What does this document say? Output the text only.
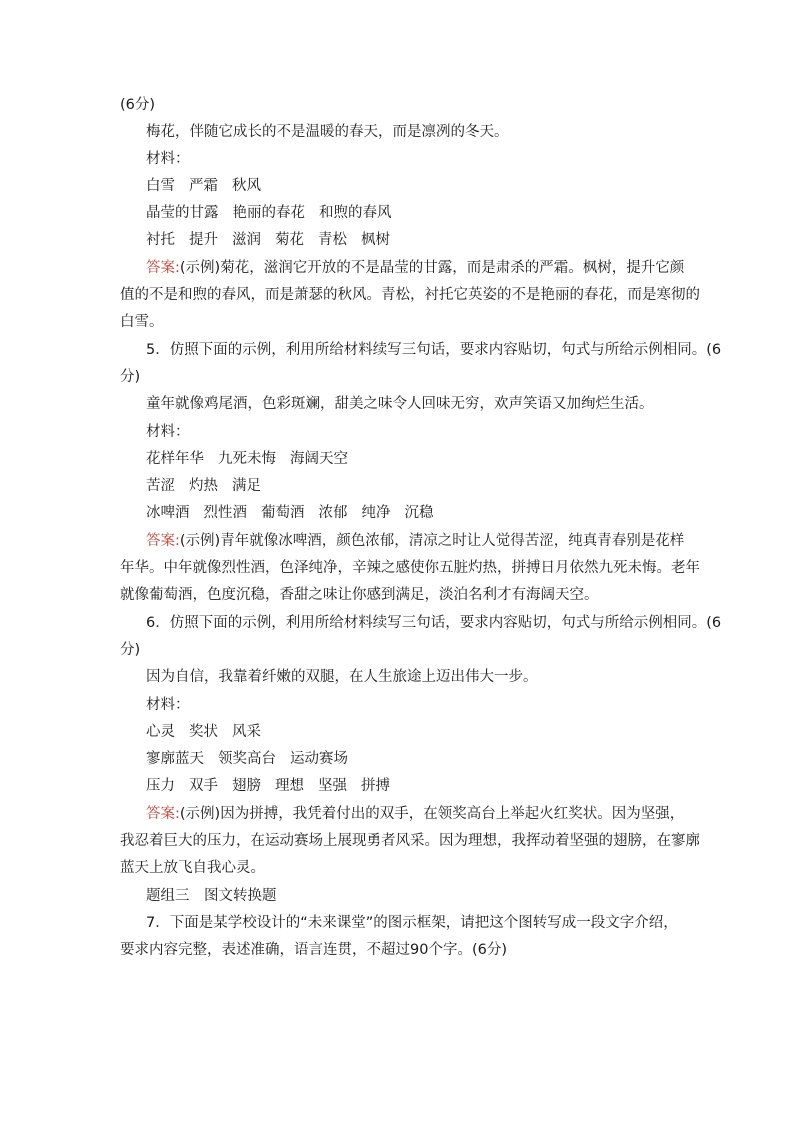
(6分)

梅花，伴随它成长的不是温暖的春天，而是凛冽的冬天。

材料：

白雪 严霜 秋风

晶莹的甘露 艳丽的春花 和煦的春风

衬托 提升 滋润 菊花 青松 枫树

答案:(示例)菊花，滋润它开放的不是晶莹的甘露，而是肃杀的严霜。枫树，提升它颜

值的不是和煦的春风，而是萧瑟的秋风。青松，衬托它英姿的不是艳丽的春花，而是寒彻的

白雪。

5．仿照下面的示例，利用所给材料续写三句话，要求内容贴切，句式与所给示例相同。(6

分)

童年就像鸡尾酒，色彩斑斓，甜美之味令人回味无穷，欢声笑语又加绚烂生活。

材料：

花样年华 九死未悔 海阔天空

苦涩 灼热 满足

冰啤酒 烈性酒 葡萄酒 浓郁 纯净 沉稳

答案:(示例)青年就像冰啤酒，颜色浓郁，清凉之时让人觉得苦涩，纯真青春别是花样

年华。中年就像烈性酒，色泽纯净，辛辣之感使你五脏灼热，拼搏日月依然九死未悔。老年

就像葡萄酒，色度沉稳，香甜之味让你感到满足，淡泊名利才有海阔天空。

6．仿照下面的示例，利用所给材料续写三句话，要求内容贴切，句式与所给示例相同。(6

分)

因为自信，我靠着纤嫩的双腿，在人生旅途上迈出伟大一步。

材料：

心灵 奖状 风采

寥廓蓝天 领奖高台 运动赛场

压力 双手 翅膀 理想 坚强 拼搏

答案:(示例)因为拼搏，我凭着付出的双手，在领奖高台上举起火红奖状。因为坚强，

我忍着巨大的压力，在运动赛场上展现勇者风采。因为理想，我挥动着坚强的翅膀，在寥廓

蓝天上放飞自我心灵。

题组三　图文转换题

7．下面是某学校设计的“未来课堂”的图示框架，请把这个图转写成一段文字介绍，

要求内容完整，表述准确，语言连贯，不超过90个字。(6分)
